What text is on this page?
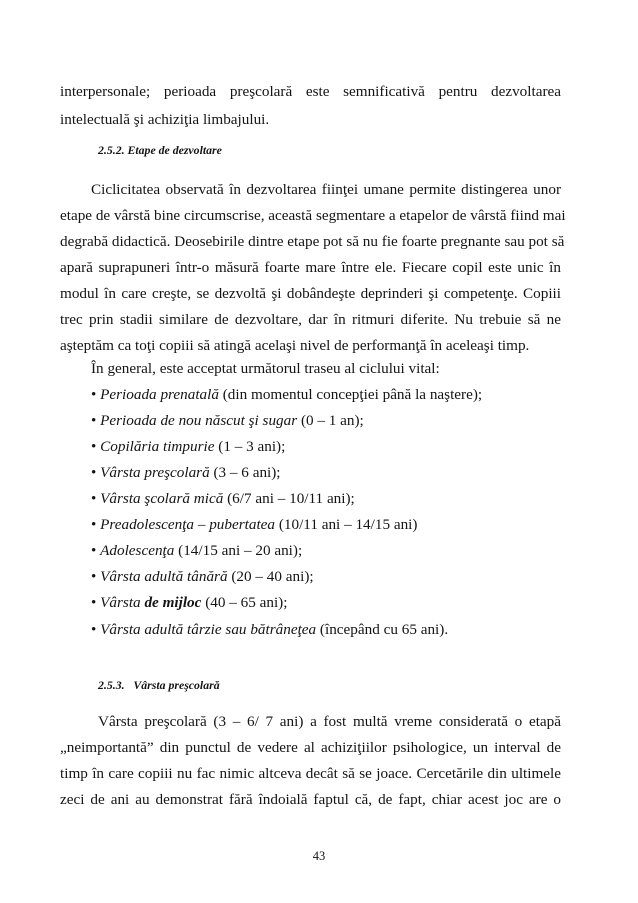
interpersonale; perioada preşcolară este semnificativă pentru dezvoltarea
intelectuală şi achiziţia limbajului.
2.5.2. Etape de dezvoltare
Ciclicitatea observată în dezvoltarea fiinţei umane permite distingerea unor
etape de vârstă bine circumscrise, această segmentare a etapelor de vârstă fiind mai
degrabă didactică. Deosebirile dintre etape pot să nu fie foarte pregnante sau pot să
apară suprapuneri într-o măsură foarte mare între ele. Fiecare copil este unic în
modul în care creşte, se dezvoltă şi dobândeşte deprinderi şi competenţe. Copiii
trec prin stadii similare de dezvoltare, dar în ritmuri diferite. Nu trebuie să ne
aşteptăm ca toţi copiii să atingă acelaşi nivel de performanţă în aceleaşi timp.
În general, este acceptat următorul traseu al ciclului vital:
• Perioada prenatală (din momentul concepţiei până la naştere);
• Perioada de nou născut şi sugar (0 – 1 an);
• Copilăria timpurie (1 – 3 ani);
• Vârsta preşcolară (3 – 6 ani);
• Vârsta şcolară mică (6/7 ani – 10/11 ani);
• Preadolescenţa – pubertatea (10/11 ani – 14/15 ani)
• Adolescenţa (14/15 ani – 20 ani);
• Vârsta adultă tânără (20 – 40 ani);
• Vârsta de mijloc (40 – 65 ani);
• Vârsta adultă târzie sau bătrâneţea (începând cu 65 ani).
2.5.3. Vârsta preşcolară
Vârsta preşcolară (3 – 6/ 7 ani) a fost multă vreme considerată o etapă
„neimportantă” din punctul de vedere al achiziţiilor psihologice, un interval de
timp în care copiii nu fac nimic altceva decât să se joace. Cercetările din ultimele
zeci de ani au demonstrat fără îndoială faptul că, de fapt, chiar acest joc are o
43
